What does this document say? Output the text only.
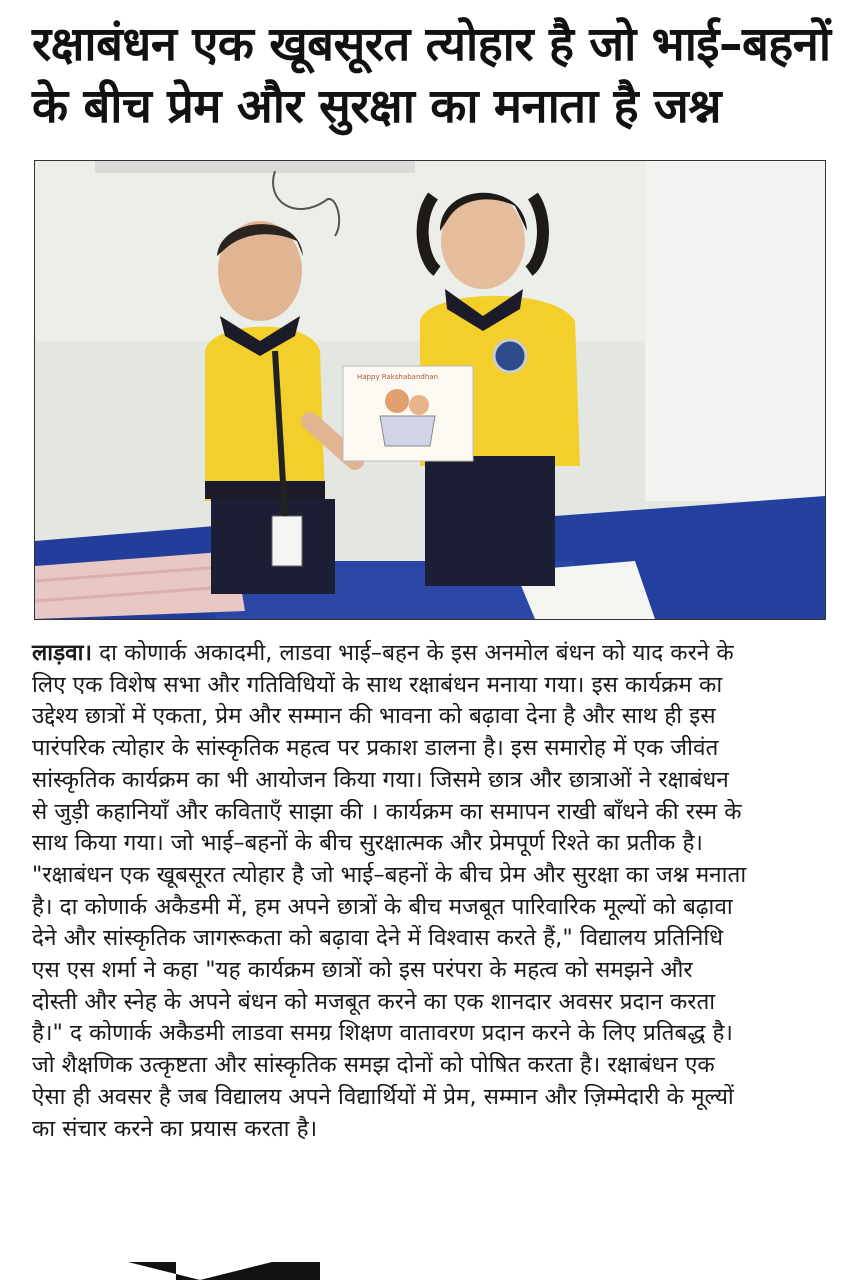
रक्षाबंधन एक खूबसूरत त्योहार है जो भाई–बहनों
के बीच प्रेम और सुरक्षा का मनाता है जश्न
Happy Rakshabandhan
लाड़वा। दा कोणार्क अकादमी, लाडवा भाई–बहन के इस अनमोल बंधन को याद करने के
लिए एक विशेष सभा और गतिविधियों के साथ रक्षाबंधन मनाया गया। इस कार्यक्रम का
उद्देश्य छात्रों में एकता, प्रेम और सम्मान की भावना को बढ़ावा देना है और साथ ही इस
पारंपरिक त्योहार के सांस्कृतिक महत्व पर प्रकाश डालना है। इस समारोह में एक जीवंत
सांस्कृतिक कार्यक्रम का भी आयोजन किया गया। जिसमे छात्र और छात्राओं ने रक्षाबंधन
से जुड़ी कहानियाँ और कविताएँ साझा की । कार्यक्रम का समापन राखी बाँधने की रस्म के
साथ किया गया। जो भाई–बहनों के बीच सुरक्षात्मक और प्रेमपूर्ण रिश्ते का प्रतीक है।
"रक्षाबंधन एक खूबसूरत त्योहार है जो भाई–बहनों के बीच प्रेम और सुरक्षा का जश्न मनाता
है। दा कोणार्क अकैडमी में, हम अपने छात्रों के बीच मजबूत पारिवारिक मूल्यों को बढ़ावा
देने और सांस्कृतिक जागरूकता को बढ़ावा देने में विश्वास करते हैं," विद्यालय प्रतिनिधि
एस एस शर्मा ने कहा "यह कार्यक्रम छात्रों को इस परंपरा के महत्व को समझने और
दोस्ती और स्नेह के अपने बंधन को मजबूत करने का एक शानदार अवसर प्रदान करता
है।" द कोणार्क अकैडमी लाडवा समग्र शिक्षण वातावरण प्रदान करने के लिए प्रतिबद्ध है।
जो शैक्षणिक उत्कृष्टता और सांस्कृतिक समझ दोनों को पोषित करता है। रक्षाबंधन एक
ऐसा ही अवसर है जब विद्यालय अपने विद्यार्थियों में प्रेम, सम्मान और ज़िम्मेदारी के मूल्यों
का संचार करने का प्रयास करता है।
